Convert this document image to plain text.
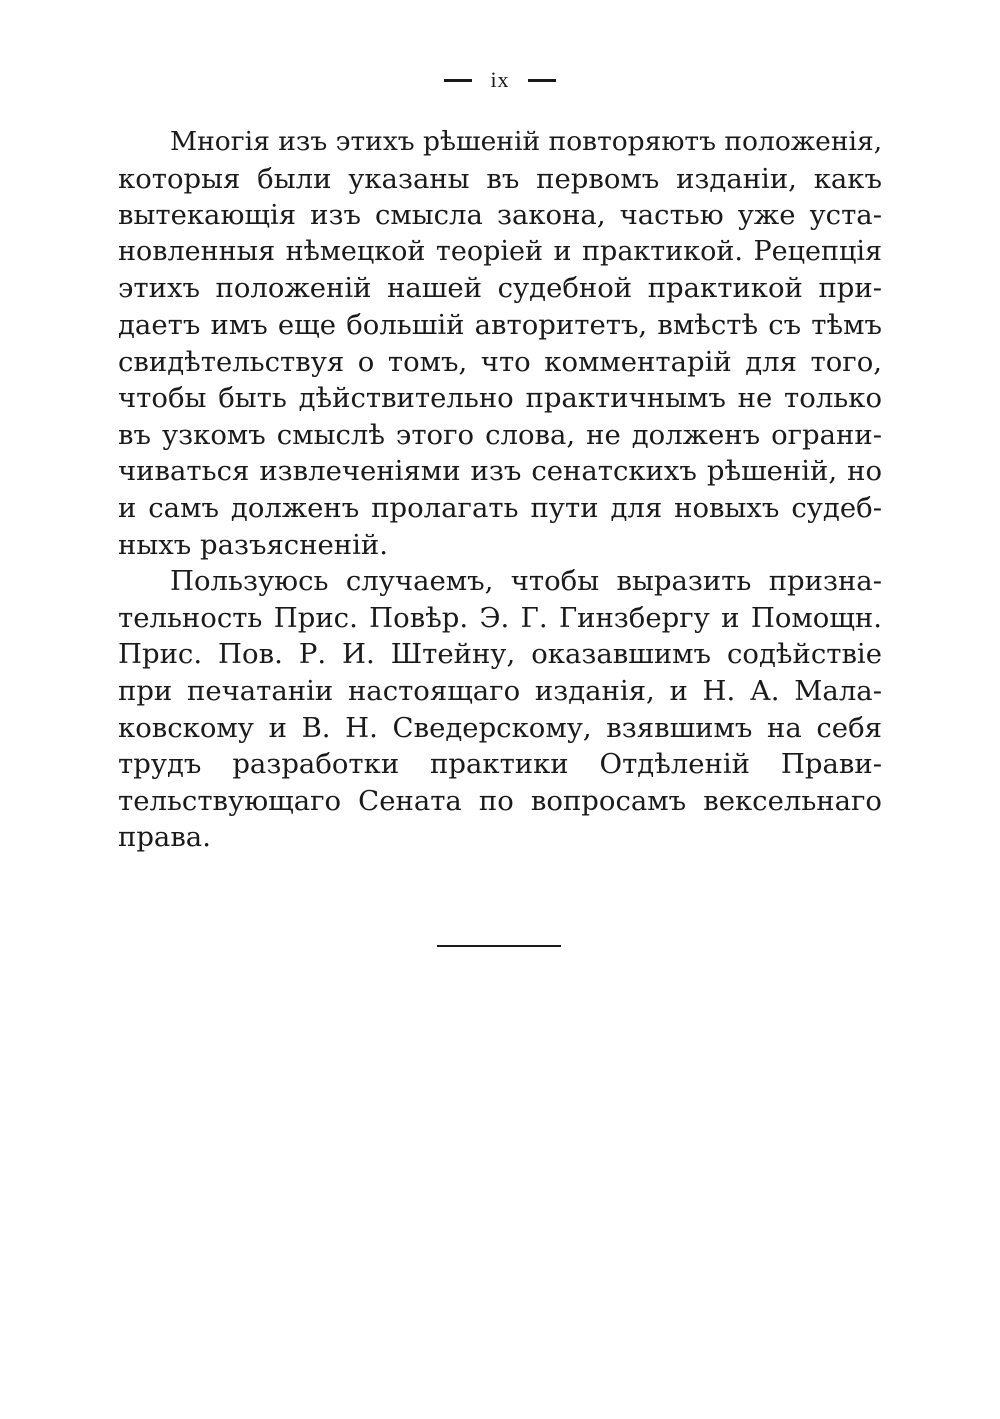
ix
Многія изъ этихъ рѣшеній повторяютъ положенія,
которыя были указаны въ первомъ изданіи, какъ
вытекающія изъ смысла закона, частью уже уста-
новленныя нѣмецкой теоріей и практикой. Рецепція
этихъ положеній нашей судебной практикой при-
даетъ имъ еще большій авторитетъ, вмѣстѣ съ тѣмъ
свидѣтельствуя о томъ, что комментарій для того,
чтобы быть дѣйствительно практичнымъ не только
въ узкомъ смыслѣ этого слова, не долженъ ограни-
чиваться извлеченіями изъ сенатскихъ рѣшеній, но
и самъ долженъ пролагать пути для новыхъ судеб-
ныхъ разъясненій.
Пользуюсь случаемъ, чтобы выразить призна-
тельность Прис. Повѣр. Э. Г. Гинзбергу и Помощн.
Прис. Пов. Р. И. Штейну, оказавшимъ содѣйствіе
при печатаніи настоящаго изданія, и Н. А. Мала-
ковскому и В. Н. Сведерскому, взявшимъ на себя
трудъ разработки практики Отдѣленій Прави-
тельствующаго Сената по вопросамъ вексельнаго
права.
